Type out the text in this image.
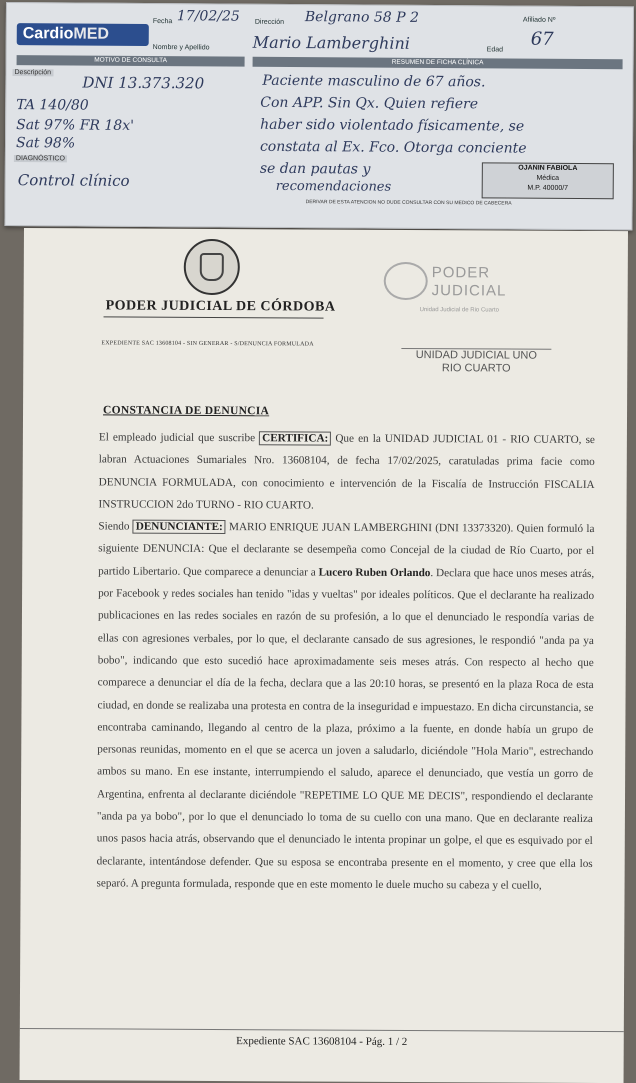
CardioMED
Fecha 17/02/25 Dirección Belgrano 58 P 2	Afiliado Nº
Nombre y Apellido	Mario Lamberghini	Edad
67
MOTIVO DE CONSULTA	RESUMEN DE FICHA CLÍNICA
Descripción
DNI 13.373.320
TA 140/80
Sat 97% FR 18x'
Sat 98%
DIAGNÓSTICO
Control clínico
Paciente masculino de 67 años.
Con APP. Sin Qx. Quien refiere
haber sido violentado físicamente, se
constata al Ex. Fco. Otorga conciente
se dan pautas y
recomendaciones
OJANIN FABIOLA
Médica
M.P. 40000/7
DERIVAR DE ESTA ATENCION NO DUDE CONSULTAR CON SU MEDICO DE CABECERA
PODER JUDICIAL DE CÓRDOBA
EXPEDIENTE SAC 13608104 - SIN GENERAR - S/DENUNCIA FORMULADA
PODER
JUDICIAL
Unidad Judicial de Rio Cuarto
UNIDAD JUDICIAL UNO
RIO CUARTO
CONSTANCIA DE DENUNCIA

El empleado judicial que suscribe CERTIFICA: Que en la UNIDAD JUDICIAL 01 - RIO CUARTO, se labran Actuaciones Sumariales Nro. 13608104, de fecha 17/02/2025, caratuladas prima facie como DENUNCIA FORMULADA, con conocimiento e intervención de la Fiscalía de Instrucción FISCALIA INSTRUCCION 2do TURNO - RIO CUARTO.

Siendo DENUNCIANTE: MARIO ENRIQUE JUAN LAMBERGHINI (DNI 13373320). Quien formuló la siguiente DENUNCIA: Que el declarante se desempeña como Concejal de la ciudad de Río Cuarto, por el partido Libertario. Que comparece a denunciar a Lucero Ruben Orlando. Declara que hace unos meses atrás, por Facebook y redes sociales han tenido "idas y vueltas" por ideales políticos. Que el declarante ha realizado publicaciones en las redes sociales en razón de su profesión, a lo que el denunciado le respondía varias de ellas con agresiones verbales, por lo que, el declarante cansado de sus agresiones, le respondió "anda pa ya bobo", indicando que esto sucedió hace aproximadamente seis meses atrás. Con respecto al hecho que comparece a denunciar el día de la fecha, declara que a las 20:10 horas, se presentó en la plaza Roca de esta ciudad, en donde se realizaba una protesta en contra de la inseguridad e impuestazo. En dicha circunstancia, se encontraba caminando, llegando al centro de la plaza, próximo a la fuente, en donde había un grupo de personas reunidas, momento en el que se acerca un joven a saludarlo, diciéndole "Hola Mario", estrechando ambos su mano. En ese instante, interrumpiendo el saludo, aparece el denunciado, que vestía un gorro de Argentina, enfrenta al declarante diciéndole "REPETIME LO QUE ME DECIS", respondiendo el declarante "anda pa ya bobo", por lo que el denunciado lo toma de su cuello con una mano. Que en declarante realiza unos pasos hacia atrás, observando que el denunciado le intenta propinar un golpe, el que es esquivado por el declarante, intentándose defender. Que su esposa se encontraba presente en el momento, y cree que ella los separó. A pregunta formulada, responde que en este momento le duele mucho su cabeza y el cuello,

Expediente SAC 13608104 - Pág. 1 / 2
